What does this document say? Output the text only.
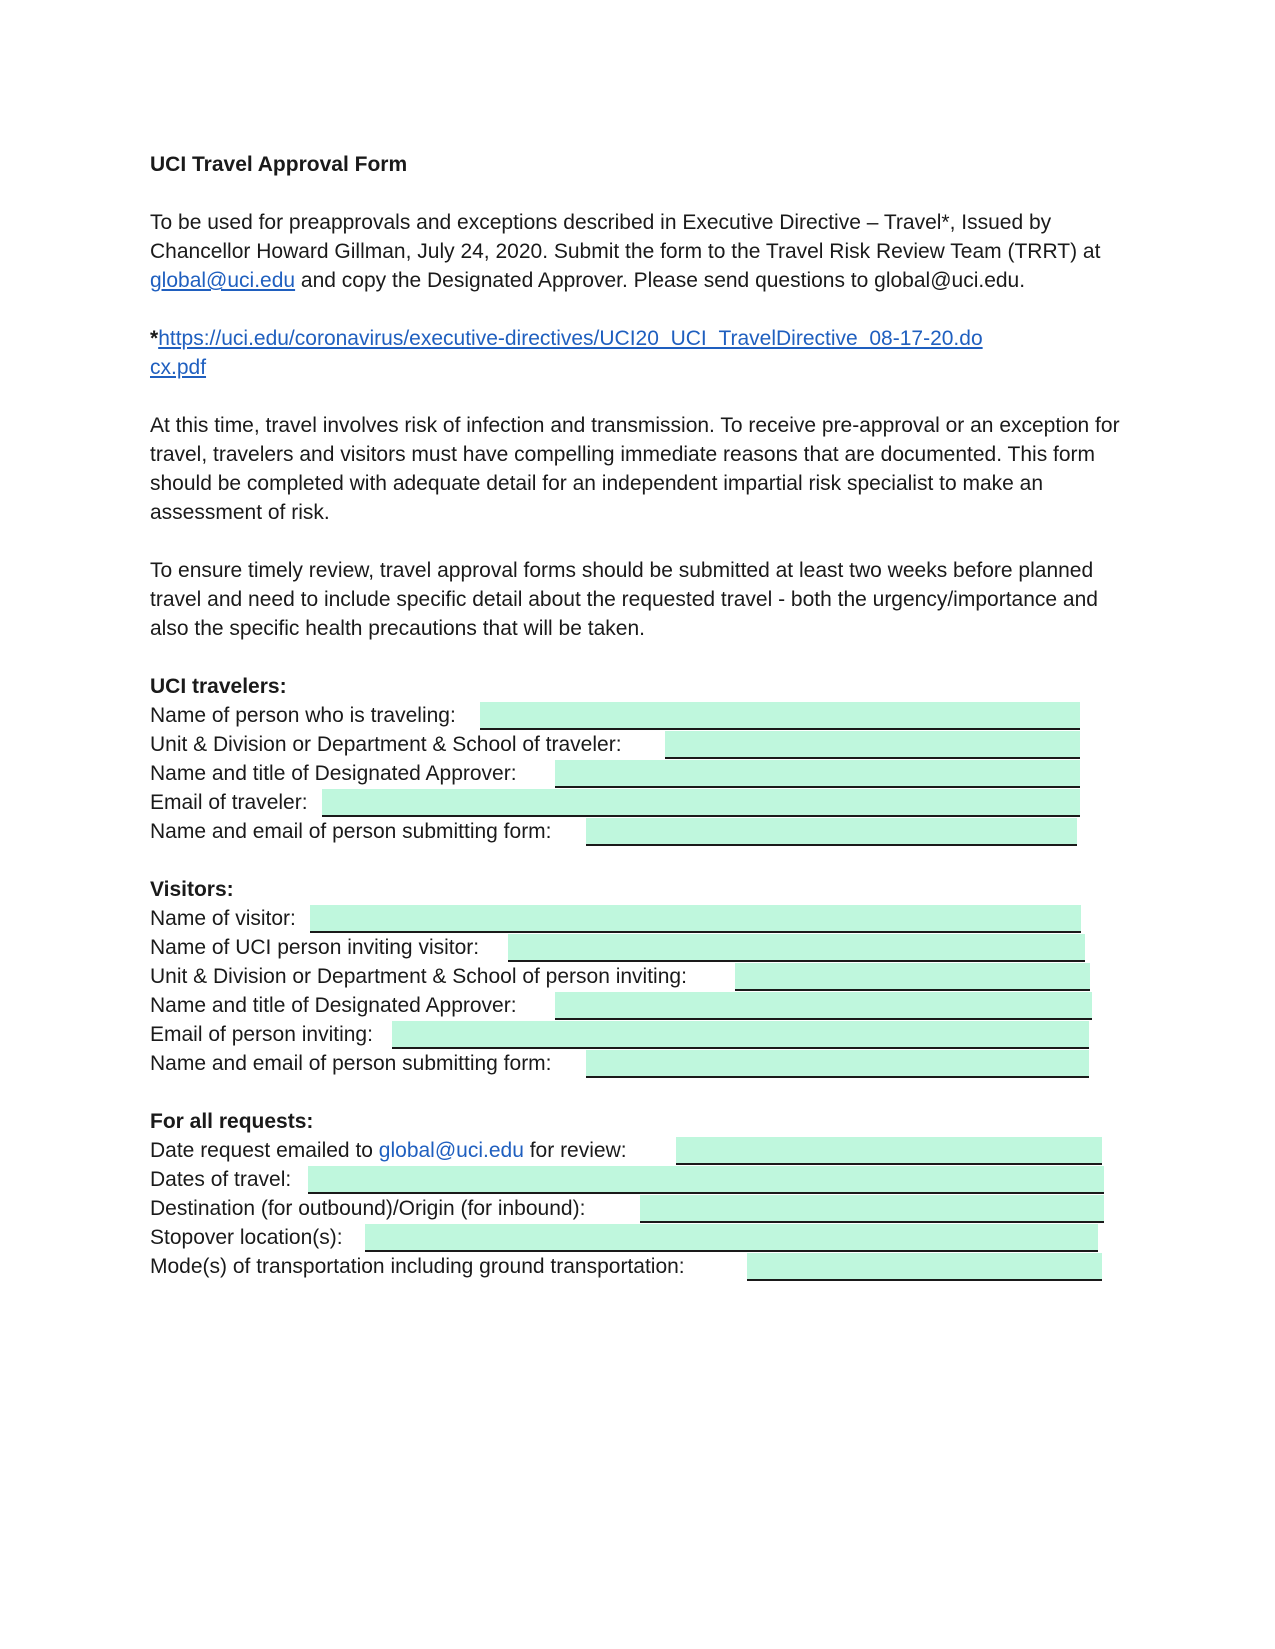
UCI Travel Approval Form

To be used for preapprovals and exceptions described in Executive Directive – Travel*, Issued by Chancellor Howard Gillman, July 24, 2020. Submit the form to the Travel Risk Review Team (TRRT) at global@uci.edu and copy the Designated Approver. Please send questions to global@uci.edu.

*https://uci.edu/coronavirus/executive-directives/UCI20_UCI_TravelDirective_08-17-20.docx.pdf

At this time, travel involves risk of infection and transmission. To receive pre-approval or an exception for travel, travelers and visitors must have compelling immediate reasons that are documented. This form should be completed with adequate detail for an independent impartial risk specialist to make an assessment of risk.

To ensure timely review, travel approval forms should be submitted at least two weeks before planned travel and need to include specific detail about the requested travel - both the urgency/importance and also the specific health precautions that will be taken.

UCI travelers:
Name of person who is traveling:
Unit & Division or Department & School of traveler:
Name and title of Designated Approver:
Email of traveler:
Name and email of person submitting form:
Visitors:
Name of visitor:
Name of UCI person inviting visitor:
Unit & Division or Department & School of person inviting:
Name and title of Designated Approver:
Email of person inviting:
Name and email of person submitting form:
For all requests:
Date request emailed to global@uci.edu for review:
Dates of travel:
Destination (for outbound)/Origin (for inbound):
Stopover location(s):
Mode(s) of transportation including ground transportation:
